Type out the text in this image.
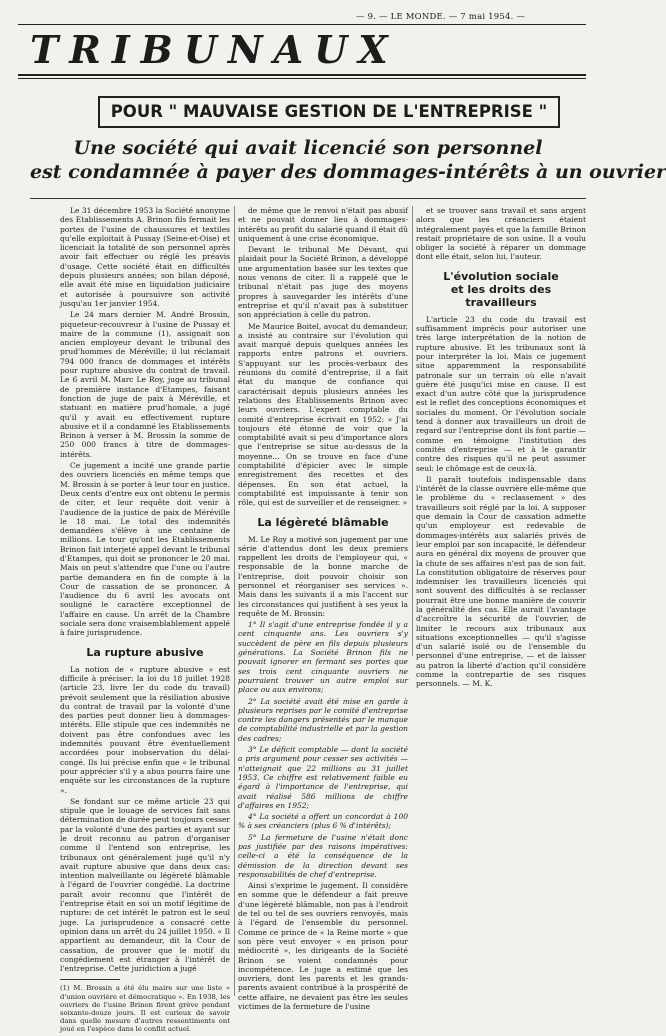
— 9. — LE MONDE. — 7 mai 1954. —
TRIBUNAUX
POUR " MAUVAISE GESTION DE L'ENTREPRISE "
Une société qui avait licencié son personnel
est condamnée à payer des dommages-intérêts à un ouvrier

Le 31 décembre 1953 la Société anonyme des Etablissements A. Brinon fils fermait les portes de l'usine de chaussures et textiles qu'elle exploitait à Pussay (Seine-et-Oise) et licenciait la totalité de son personnel après avoir fait effectuer ou réglé les préavis d'usage. Cette société était en difficultés depuis plusieurs années; son bilan déposé, elle avait été mise en liquidation judiciaire et autorisée à poursuivre son activité jusqu'au 1er janvier 1954.

Le 24 mars dernier M. André Brossin, piqueteur-recouvreur à l'usine de Pussay et maire de la commune (1), assignait son ancien employeur devant le tribunal des prud'hommes de Méréville; il lui réclamait 794 000 francs de dommages et intérêts pour rupture abusive du contrat de travail. Le 6 avril M. Marc Le Roy, juge au tribunal de première instance d'Etampes, faisant fonction de juge de paix à Méréville, et statuant en matière prud'homale, a jugé qu'il y avait eu effectivement rupture abusive et il a condamné les Etablissements Brinon à verser à M. Brossin la somme de 250 000 francs à titre de dommages-intérêts.

Ce jugement a incité une grande partie des ouvriers licenciés en même temps que M. Brossin à se porter à leur tour en justice. Deux cents d'entre eux ont obtenu le permis de citer, et leur requête doit venir à l'audience de la justice de paix de Méréville le 18 mai. Le total des indemnités demandées s'élève à une centaine de millions. Le tour qu'ont les Etablissements Brinon fait interjeté appel devant le tribunal d'Etampes, qui doit se prononcer le 20 mai. Mais on peut s'attendre que l'une ou l'autre partie demandera en fin de compte à la Cour de cassation de se prononcer. A l'audience du 6 avril les avocats ont souligné le caractère exceptionnel de l'affaire en cause. Un arrêt de la Chambre sociale sera donc vraisemblablement appelé à faire jurisprudence.

La rupture abusive

La notion de « rupture abusive » est difficile à préciser: la loi du 18 juillet 1928 (article 23, livre Ier du code du travail) prévoit seulement que la résiliation abusive du contrat de travail par la volonté d'une des parties peut donner lieu à dommages-intérêts. Elle stipule que ces indemnités ne doivent pas être confondues avec les indemnités pouvant être éventuellement accordées pour inobservation du délai-congé. Ils lui précise enfin que « le tribunal pour apprécier s'il y a abus pourra faire une enquête sur les circonstances de la rupture ».

Se fondant sur ce même article 23 qui stipule que le louage de services fait sans détermination de durée peut toujours cesser par la volonté d'une des parties et ayant sur le droit reconnu au patron d'organiser comme il l'entend son entreprise, les tribunaux ont généralement jugé qu'il n'y avait rupture abusive que dans deux cas: intention malveillante ou légèreté blâmable à l'égard de l'ouvrier congédié. La doctrine paraît avoir reconnu que l'intérêt de l'entreprise était en soi un motif légitime de rupture: de cet intérêt le patron est le seul juge. La jurisprudence a consacré cette opinion dans un arrêt du 24 juillet 1950. « Il appartient au demandeur, dit la Cour de cassation, de prouver que le motif du congédiement est étranger à l'intérêt de l'entreprise. Cette juridiction a jugé

(1) M. Brossin a été élu maire sur une liste « d'union ouvrière et démocratique ». En 1938, les ouvriers de l'usine Brinon firent grève pendant soixante-douze jours. Il est curieux de savoir dans quelle mesure d'autres ressentiments ont joué en l'espèce dans le conflit actuel.

de même que le renvoi n'était pas abusif et ne pouvait donner lieu à dommages-intérêts au profit du salarié quand il était dû uniquement à une crise économique.

Devant le tribunal Me Dévant, qui plaidait pour la Société Brinon, a développé une argumentation basée sur les textes que nous venons de citer. Il a rappelé que le tribunal n'était pas juge des moyens propres à sauvegarder les intérêts d'une entreprise et qu'il n'avait pas à substituer son appréciation à celle du patron.

Me Maurice Boitel, avocat du demandeur, a insisté au contraire sur l'évolution qui avait marqué depuis quelques années les rapports entre patrons et ouvriers. S'appuyant sur les procès-verbaux des réunions du comité d'entreprise, il a fait état du manque de confiance qui caractérisait depuis plusieurs années les relations des Etablissements Brinon avec leurs ouvriers. L'expert comptable du comité d'entreprise écrivait en 1952: « J'ai toujours été étonné de voir que la comptabilité avait si peu d'importance alors que l'entreprise se situe au-dessus de la moyenne... On se trouve en face d'une comptabilité d'épicier avec le simple enregistrement des recettes et des dépenses. En son état actuel, la comptabilité est impuissante à tenir son rôle, qui est de surveiller et de renseigner. »

La légèreté blâmable

M. Le Roy a motivé son jugement par une série d'attendus dont les deux premiers rappellent les droits de l'employeur qui, « responsable de la bonne marche de l'entreprise, doit pouvoir choisir son personnel et réorganiser ses services ». Mais dans les suivants il a mis l'accent sur les circonstances qui justifient à ses yeux la requête de M. Brossin:

1° Il s'agit d'une entreprise fondée il y a cent cinquante ans. Les ouvriers s'y succèdent de père en fils depuis plusieurs générations. La Société Brinon fils ne pouvait ignorer en fermant ses portes que ses trois cent cinquante ouvriers ne pourraient trouver un autre emploi sur place ou aux environs;

2° La société avait été mise en garde à plusieurs reprises par le comité d'entreprise contre les dangers présentés par le manque de comptabilité industrielle et par la gestion des cadres;

3° Le déficit comptable — dont la société a pris argument pour cesser ses activités — n'atteignait que 22 millions au 31 juillet 1953. Ce chiffre est relativement faible eu égard à l'importance de l'entreprise, qui avait réalisé 586 millions de chiffre d'affaires en 1952;

4° La société a offert un concordat à 100 % à ses créanciers (plus 6 % d'intérêts);

5° La fermeture de l'usine n'était donc pas justifiée par des raisons impératives: celle-ci a été la conséquence de la démission de la direction devant ses responsabilités de chef d'entreprise.

Ainsi s'exprime le jugement. Il considère en somme que le défendeur a fait preuve d'une légèreté blâmable, non pas à l'endroit de tel ou tel de ses ouvriers renvoyés, mais à l'égard de l'ensemble du personnel. Comme ce prince de « la Reine morte » que son père veut envoyer « en prison pour médiocrité », les dirigeants de la Société Brinon se voient condamnés pour incompétence. Le juge a estimé que les ouvriers, dont les parents et les grands-parents avaient contribué à la prospérité de cette affaire, ne devaient pas être les seules victimes de la fermeture de l'usine

et se trouver sans travail et sans argent alors que les créanciers étaient intégralement payés et que la famille Brinon restait propriétaire de son usine. Il a voulu obliger la société à réparer un dommage dont elle était, selon lui, l'auteur.

L'évolution sociale
et les droits des travailleurs

L'article 23 du code du travail est suffisamment imprécis pour autoriser une très large interprétation de la notion de rupture abusive. Et les tribunaux sont là pour interpréter la loi. Mais ce jugement situe apparemment la responsabilité patronale sur un terrain où elle n'avait guère été jusqu'ici mise en cause. Il est exact d'un autre côté que la jurisprudence est le reflet des conceptions économiques et sociales du moment. Or l'évolution sociale tend à donner aux travailleurs un droit de regard sur l'entreprise dont ils font partie — comme en témoigne l'institution des comités d'entreprise — et à le garantir contre des risques qu'il ne peut assumer seul: le chômage est de ceux-là.

Il paraît toutefois indispensable dans l'intérêt de la classe ouvrière elle-même que le problème du « reclassement » des travailleurs soit réglé par la loi. A supposer que demain la Cour de cassation admette qu'un employeur est redevable de dommages-intérêts aux salariés privés de leur emploi par son incapacité, le défendeur aura en général dix moyens de prouver que la chute de ses affaires n'est pas de son fait. La constitution obligatoire de réserves pour indemniser les travailleurs licenciés qui sont souvent des difficultés à se reclasser pourrait être une bonne manière de couvrir la généralité des cas. Elle aurait l'avantage d'accroître la sécurité de l'ouvrier, de limiter le recours aux tribunaux aux situations exceptionnelles — qu'il s'agisse d'un salarié isolé ou de l'ensemble du personnel d'une entreprise, — et de laisser au patron la liberté d'action qu'il considère comme la contrepartie de ses risques personnels. — M. K.
